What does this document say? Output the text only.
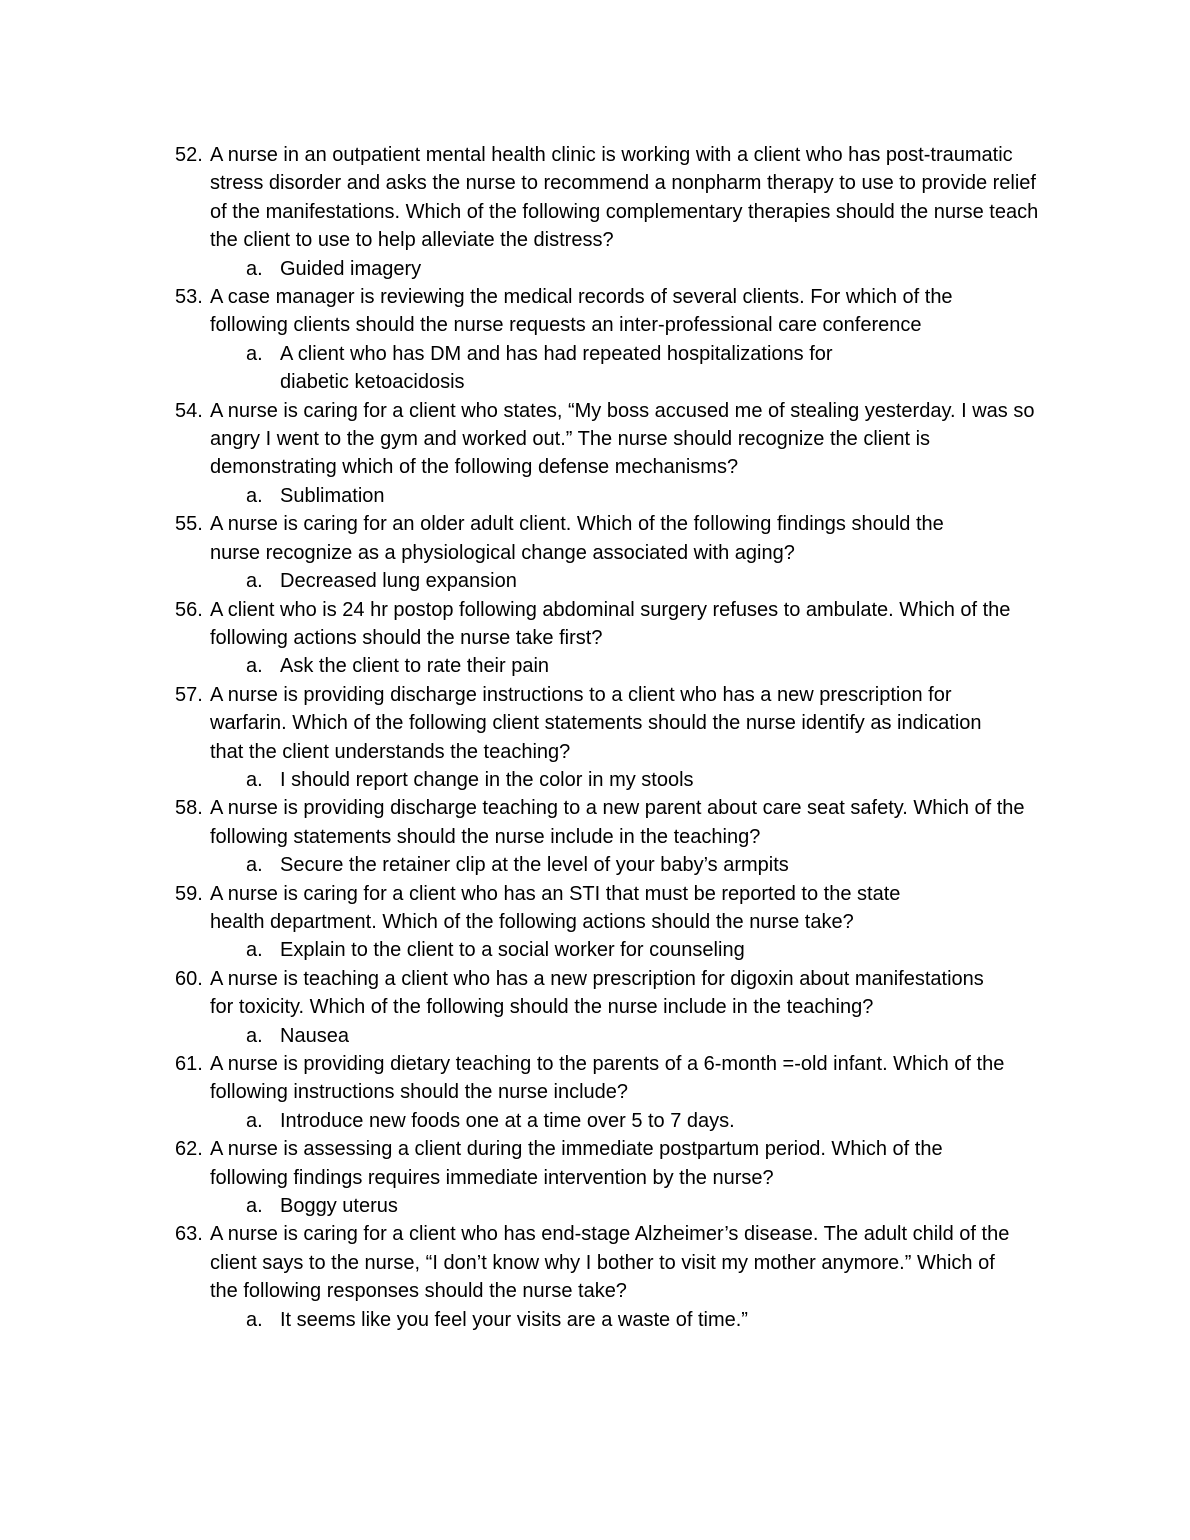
52. A nurse in an outpatient mental health clinic is working with a client who has post-traumatic stress disorder and asks the nurse to recommend a nonpharm therapy to use to provide relief of the manifestations. Which of the following complementary therapies should the nurse teach the client to use to help alleviate the distress?
a. Guided imagery
53. A case manager is reviewing the medical records of several clients. For which of the following clients should the nurse requests an inter-professional care conference
a. A client who has DM and has had repeated hospitalizations for diabetic ketoacidosis
54. A nurse is caring for a client who states, “My boss accused me of stealing yesterday. I was so angry I went to the gym and worked out.” The nurse should recognize the client is demonstrating which of the following defense mechanisms?
a. Sublimation
55. A nurse is caring for an older adult client. Which of the following findings should the nurse recognize as a physiological change associated with aging?
a. Decreased lung expansion
56. A client who is 24 hr postop following abdominal surgery refuses to ambulate. Which of the following actions should the nurse take first?
a. Ask the client to rate their pain
57. A nurse is providing discharge instructions to a client who has a new prescription for warfarin. Which of the following client statements should the nurse identify as indication that the client understands the teaching?
a. I should report change in the color in my stools
58. A nurse is providing discharge teaching to a new parent about care seat safety. Which of the following statements should the nurse include in the teaching?
a. Secure the retainer clip at the level of your baby’s armpits
59. A nurse is caring for a client who has an STI that must be reported to the state health department. Which of the following actions should the nurse take?
a. Explain to the client to a social worker for counseling
60. A nurse is teaching a client who has a new prescription for digoxin about manifestations for toxicity. Which of the following should the nurse include in the teaching?
a. Nausea
61. A nurse is providing dietary teaching to the parents of a 6-month =-old infant. Which of the following instructions should the nurse include?
a. Introduce new foods one at a time over 5 to 7 days.
62. A nurse is assessing a client during the immediate postpartum period. Which of the following findings requires immediate intervention by the nurse?
a. Boggy uterus
63. A nurse is caring for a client who has end-stage Alzheimer’s disease. The adult child of the client says to the nurse, “I don’t know why I bother to visit my mother anymore.” Which of the following responses should the nurse take?
a. It seems like you feel your visits are a waste of time.”
